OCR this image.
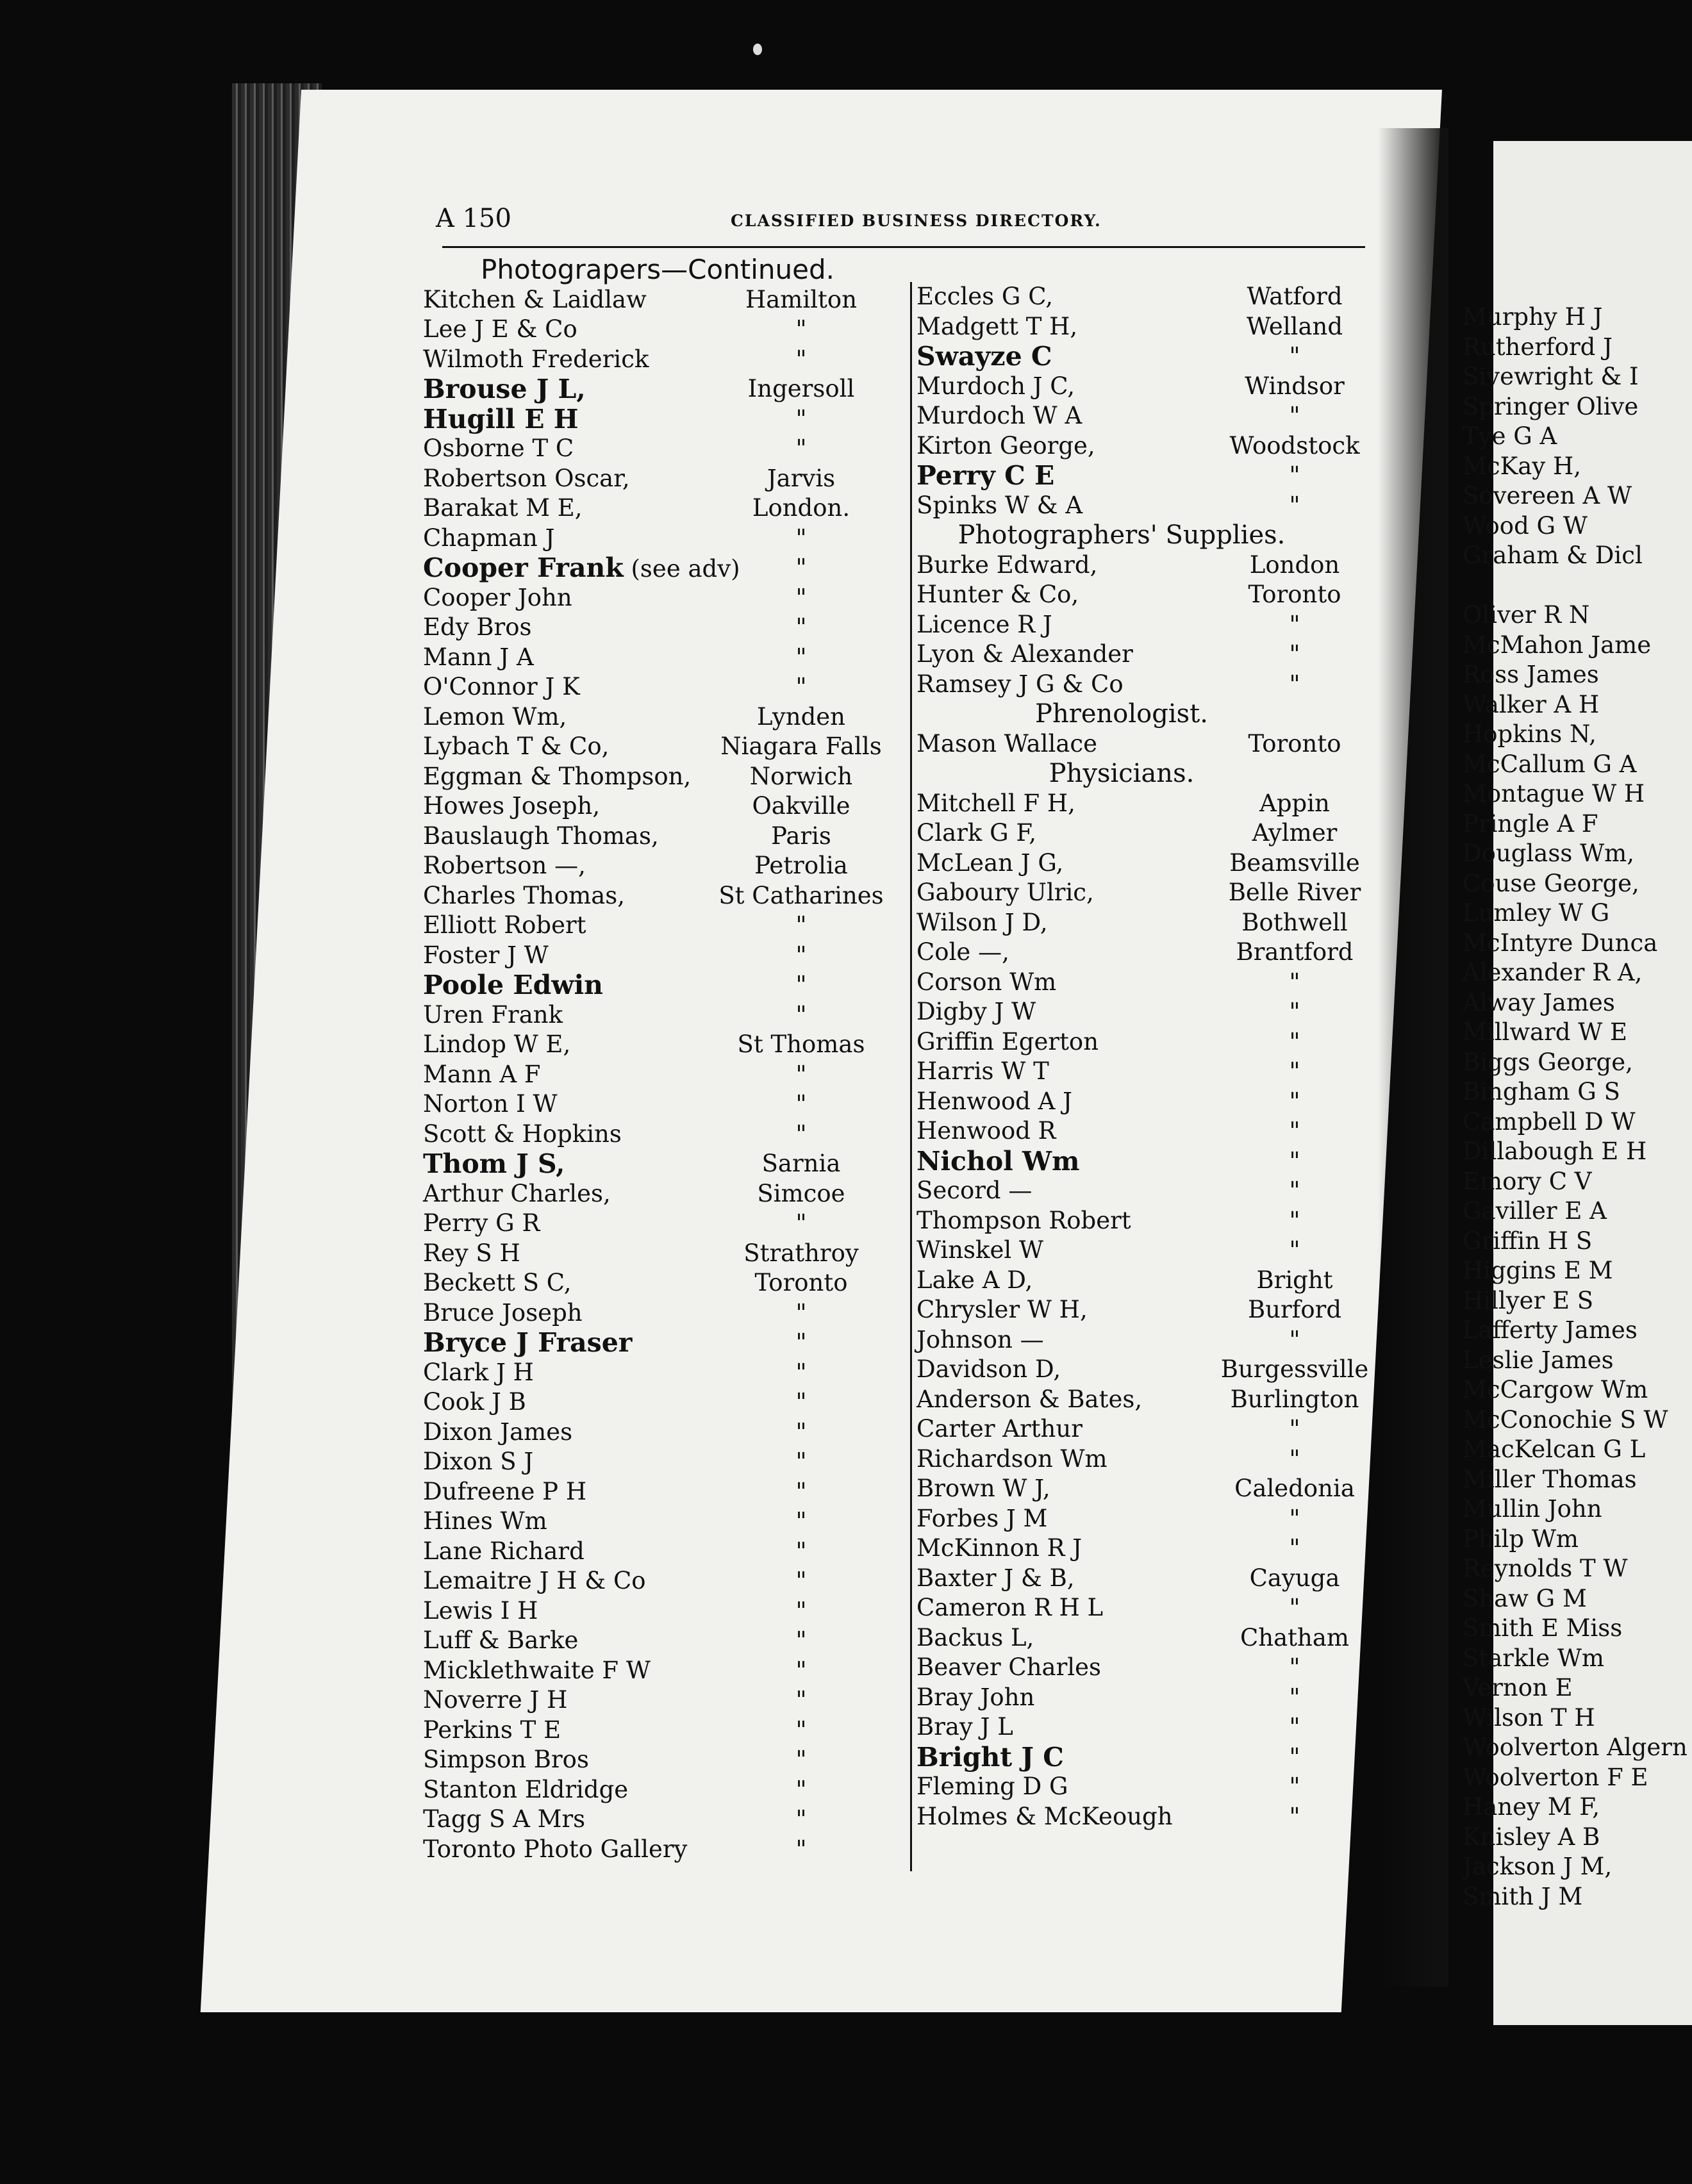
A 150	CLASSIFIED BUSINESS DIRECTORY.
Photograpers—Continued.
Kitchen & Laidlaw	Hamilton
Lee J E & Co	"
Wilmoth Frederick	"
Brouse J L,	Ingersoll
Hugill E H	"
Osborne T C	"
Robertson Oscar,	Jarvis
Barakat M E,	London.
Chapman J	"
Cooper Frank (see adv)	"
Cooper John	"
Edy Bros	"
Mann J A	"
O'Connor J K	"
Lemon Wm,	Lynden
Lybach T & Co,	Niagara Falls
Eggman & Thompson,	Norwich
Howes Joseph,	Oakville
Bauslaugh Thomas,	Paris
Robertson —,	Petrolia
Charles Thomas,	St Catharines
Elliott Robert	"
Foster J W	"
Poole Edwin	"
Uren Frank	"
Lindop W E,	St Thomas
Mann A F	"
Norton I W	"
Scott & Hopkins	"
Thom J S,	Sarnia
Arthur Charles,	Simcoe
Perry G R	"
Rey S H	Strathroy
Beckett S C,	Toronto
Bruce Joseph	"
Bryce J Fraser	"
Clark J H	"
Cook J B	"
Dixon James	"
Dixon S J	"
Dufreene P H	"
Hines Wm	"
Lane Richard	"
Lemaitre J H & Co	"
Lewis I H	"
Luff & Barke	"
Micklethwaite F W	"
Noverre J H	"
Perkins T E	"
Simpson Bros	"
Stanton Eldridge	"
Tagg S A Mrs	"
Toronto Photo Gallery	"
Eccles G C,	Watford
Madgett T H,	Welland
Swayze C	"
Murdoch J C,	Windsor
Murdoch W A	"
Kirton George,	Woodstock
Perry C E	"
Spinks W & A	"
Photographers' Supplies.
Burke Edward,	London
Hunter & Co,	Toronto
Licence R J	"
Lyon & Alexander	"
Ramsey J G & Co	"
Phrenologist.
Mason Wallace	Toronto
Physicians.
Mitchell F H,	Appin
Clark G F,	Aylmer
McLean J G,	Beamsville
Gaboury Ulric,	Belle River
Wilson J D,	Bothwell
Cole —,	Brantford
Corson Wm	"
Digby J W	"
Griffin Egerton	"
Harris W T	"
Henwood A J	"
Henwood R	"
Nichol Wm	"
Secord —	"
Thompson Robert	"
Winskel W	"
Lake A D,	Bright
Chrysler W H,	Burford
Johnson —	"
Davidson D,	Burgessville
Anderson & Bates,	Burlington
Carter Arthur	"
Richardson Wm	"
Brown W J,	Caledonia
Forbes J M	"
McKinnon R J	"
Baxter J & B,	Cayuga
Cameron R H L	"
Backus L,	Chatham
Beaver Charles	"
Bray John	"
Bray J L	"
Bright J C	"
Fleming D G	"
Holmes & McKeough	"
Murphy H J
Rutherford J
Sivewright & I
Springer Olive
Tye G A
McKay H,
Sovereen A W
Wood G W
Graham & Dicl
Oliver R N
McMahon Jame
Ross James
Walker A H
Hopkins N,
McCallum G A
Montague W H
Pringle A F
Douglass Wm,
Couse George,
Lumley W G
McIntyre Dunca
Alexander R A,
Alway James
Millward W E
Biggs George,
Bingham G S
Campbell D W
Dillabough E H
Emory C V
Gaviller E A
Griffin H S
Higgins E M
Hillyer E S
Lafferty James
Leslie James
McCargow Wm
McConochie S W
MacKelcan G L
Miller Thomas
Mullin John
Philp Wm
Reynolds T W
Shaw G M
Smith E Miss
Starkle Wm
Vernon E
Wilson T H
Woolverton Algern
Woolverton F E
Haney M F,
Knisley A B
Jackson J M,
Smith J M
